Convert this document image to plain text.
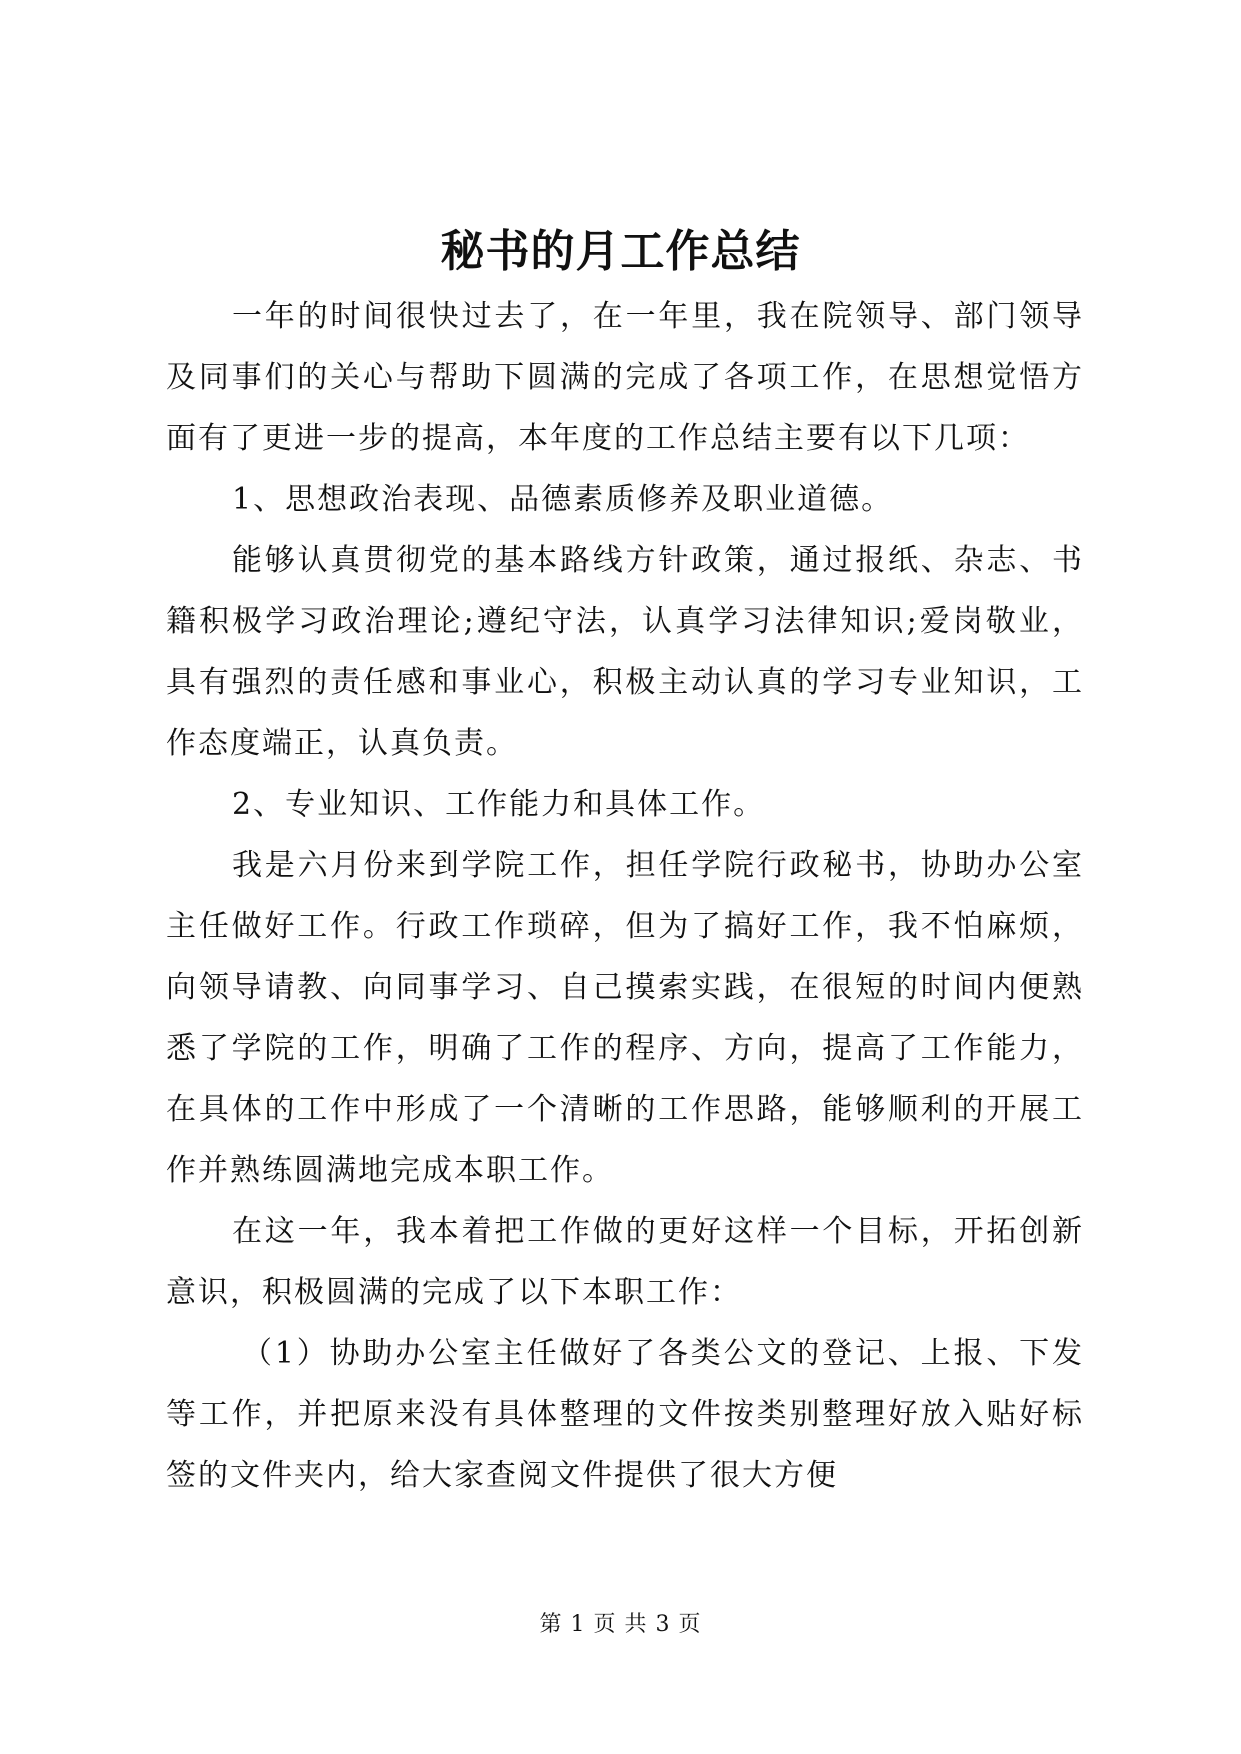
秘书的月工作总结

一年的时间很快过去了，在一年里，我在院领导、部门领导及同事们的关心与帮助下圆满的完成了各项工作，在思想觉悟方面有了更进一步的提高，本年度的工作总结主要有以下几项：

1、思想政治表现、品德素质修养及职业道德。

能够认真贯彻党的基本路线方针政策，通过报纸、杂志、书籍积极学习政治理论;遵纪守法，认真学习法律知识;爱岗敬业，具有强烈的责任感和事业心，积极主动认真的学习专业知识，工作态度端正，认真负责。

2、专业知识、工作能力和具体工作。

我是六月份来到学院工作，担任学院行政秘书，协助办公室主任做好工作。行政工作琐碎，但为了搞好工作，我不怕麻烦，向领导请教、向同事学习、自己摸索实践，在很短的时间内便熟悉了学院的工作，明确了工作的程序、方向，提高了工作能力，在具体的工作中形成了一个清晰的工作思路，能够顺利的开展工作并熟练圆满地完成本职工作。

在这一年，我本着把工作做的更好这样一个目标，开拓创新意识，积极圆满的完成了以下本职工作：

（1）协助办公室主任做好了各类公文的登记、上报、下发等工作，并把原来没有具体整理的文件按类别整理好放入贴好标签的文件夹内，给大家查阅文件提供了很大方便

第 1 页 共 3 页
